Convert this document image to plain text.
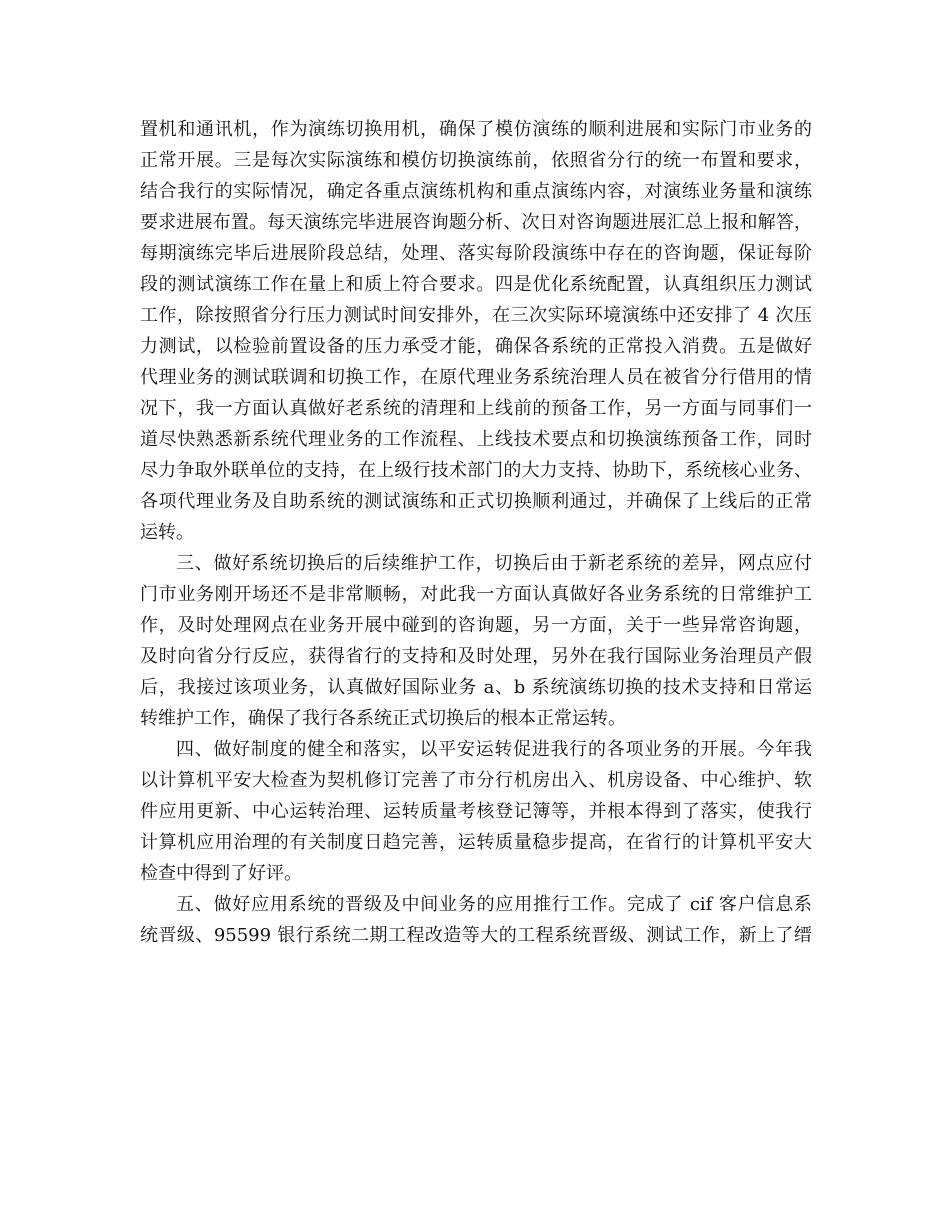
置机和通讯机，作为演练切换用机，确保了模仿演练的顺利进展和实际门市业务的
正常开展。三是每次实际演练和模仿切换演练前，依照省分行的统一布置和要求，
结合我行的实际情况，确定各重点演练机构和重点演练内容，对演练业务量和演练
要求进展布置。每天演练完毕进展咨询题分析、次日对咨询题进展汇总上报和解答，
每期演练完毕后进展阶段总结，处理、落实每阶段演练中存在的咨询题，保证每阶
段的测试演练工作在量上和质上符合要求。四是优化系统配置，认真组织压力测试
工作，除按照省分行压力测试时间安排外，在三次实际环境演练中还安排了 4 次压
力测试，以检验前置设备的压力承受才能，确保各系统的正常投入消费。五是做好
代理业务的测试联调和切换工作，在原代理业务系统治理人员在被省分行借用的情
况下，我一方面认真做好老系统的清理和上线前的预备工作，另一方面与同事们一
道尽快熟悉新系统代理业务的工作流程、上线技术要点和切换演练预备工作，同时
尽力争取外联单位的支持，在上级行技术部门的大力支持、协助下，系统核心业务、
各项代理业务及自助系统的测试演练和正式切换顺利通过，并确保了上线后的正常
运转。
三、做好系统切换后的后续维护工作，切换后由于新老系统的差异，网点应付
门市业务刚开场还不是非常顺畅，对此我一方面认真做好各业务系统的日常维护工
作，及时处理网点在业务开展中碰到的咨询题，另一方面，关于一些异常咨询题，
及时向省分行反应，获得省行的支持和及时处理，另外在我行国际业务治理员产假
后，我接过该项业务，认真做好国际业务 a、b 系统演练切换的技术支持和日常运
转维护工作，确保了我行各系统正式切换后的根本正常运转。
四、做好制度的健全和落实，以平安运转促进我行的各项业务的开展。今年我
以计算机平安大检查为契机修订完善了市分行机房出入、机房设备、中心维护、软
件应用更新、中心运转治理、运转质量考核登记簿等，并根本得到了落实，使我行
计算机应用治理的有关制度日趋完善，运转质量稳步提高，在省行的计算机平安大
检查中得到了好评。
五、做好应用系统的晋级及中间业务的应用推行工作。完成了 cif 客户信息系
统晋级、95599 银行系统二期工程改造等大的工程系统晋级、测试工作，新上了缙
